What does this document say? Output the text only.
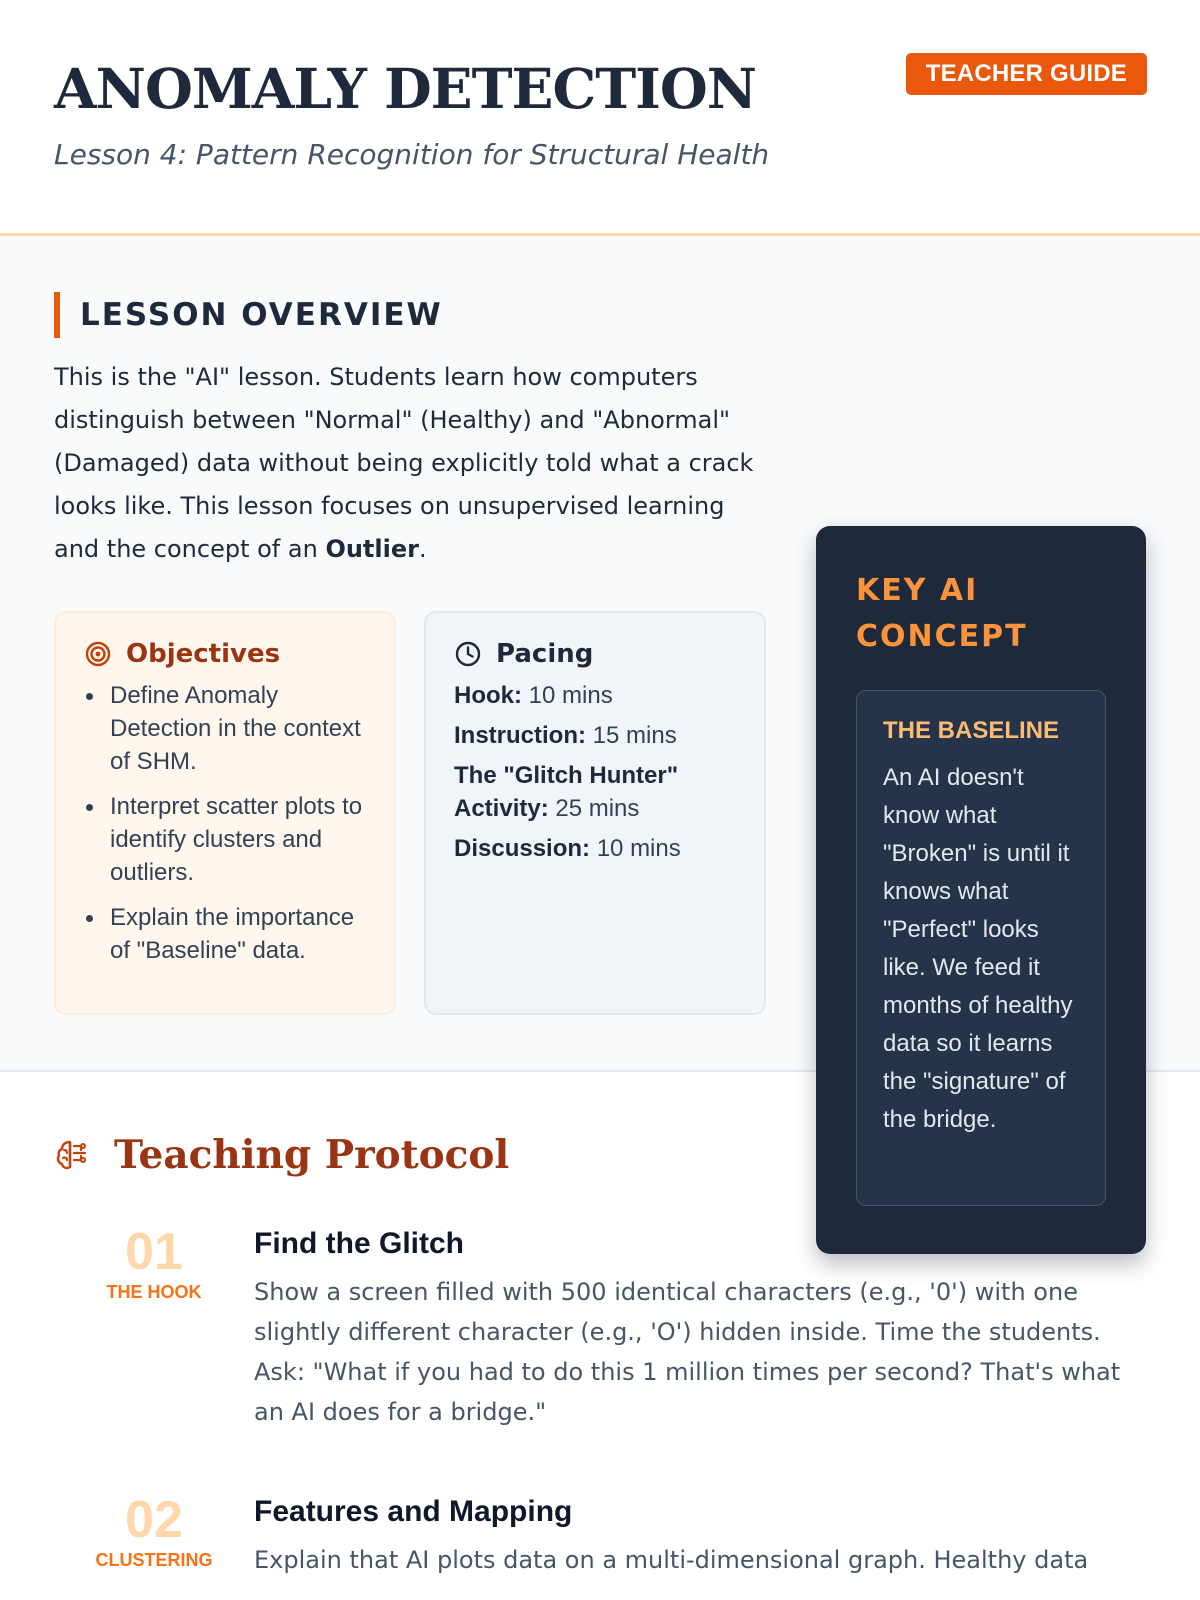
ANOMALY DETECTION
Lesson 4: Pattern Recognition for Structural Health
TEACHER GUIDE
LESSON OVERVIEW

This is the "AI" lesson. Students learn how computers distinguish between "Normal" (Healthy) and "Abnormal" (Damaged) data without being explicitly told what a crack looks like. This lesson focuses on unsupervised learning and the concept of an Outlier.

Objectives
Define Anomaly Detection in the context of SHM.
Interpret scatter plots to identify clusters and outliers.
Explain the importance of "Baseline" data.
Pacing
Hook: 10 mins
Instruction: 15 mins
The "Glitch Hunter" Activity: 25 mins
Discussion: 10 mins
KEY AI CONCEPT
THE BASELINE

An AI doesn't know what "Broken" is until it knows what "Perfect" looks like. We feed it months of healthy data so it learns the "signature" of the bridge.

Teaching Protocol
01
THE HOOK
Find the Glitch

Show a screen filled with 500 identical characters (e.g., '0') with one slightly different character (e.g., 'O') hidden inside. Time the students. Ask: "What if you had to do this 1 million times per second? That's what an AI does for a bridge."

02
CLUSTERING
Features and Mapping

Explain that AI plots data on a multi-dimensional graph. Healthy data
